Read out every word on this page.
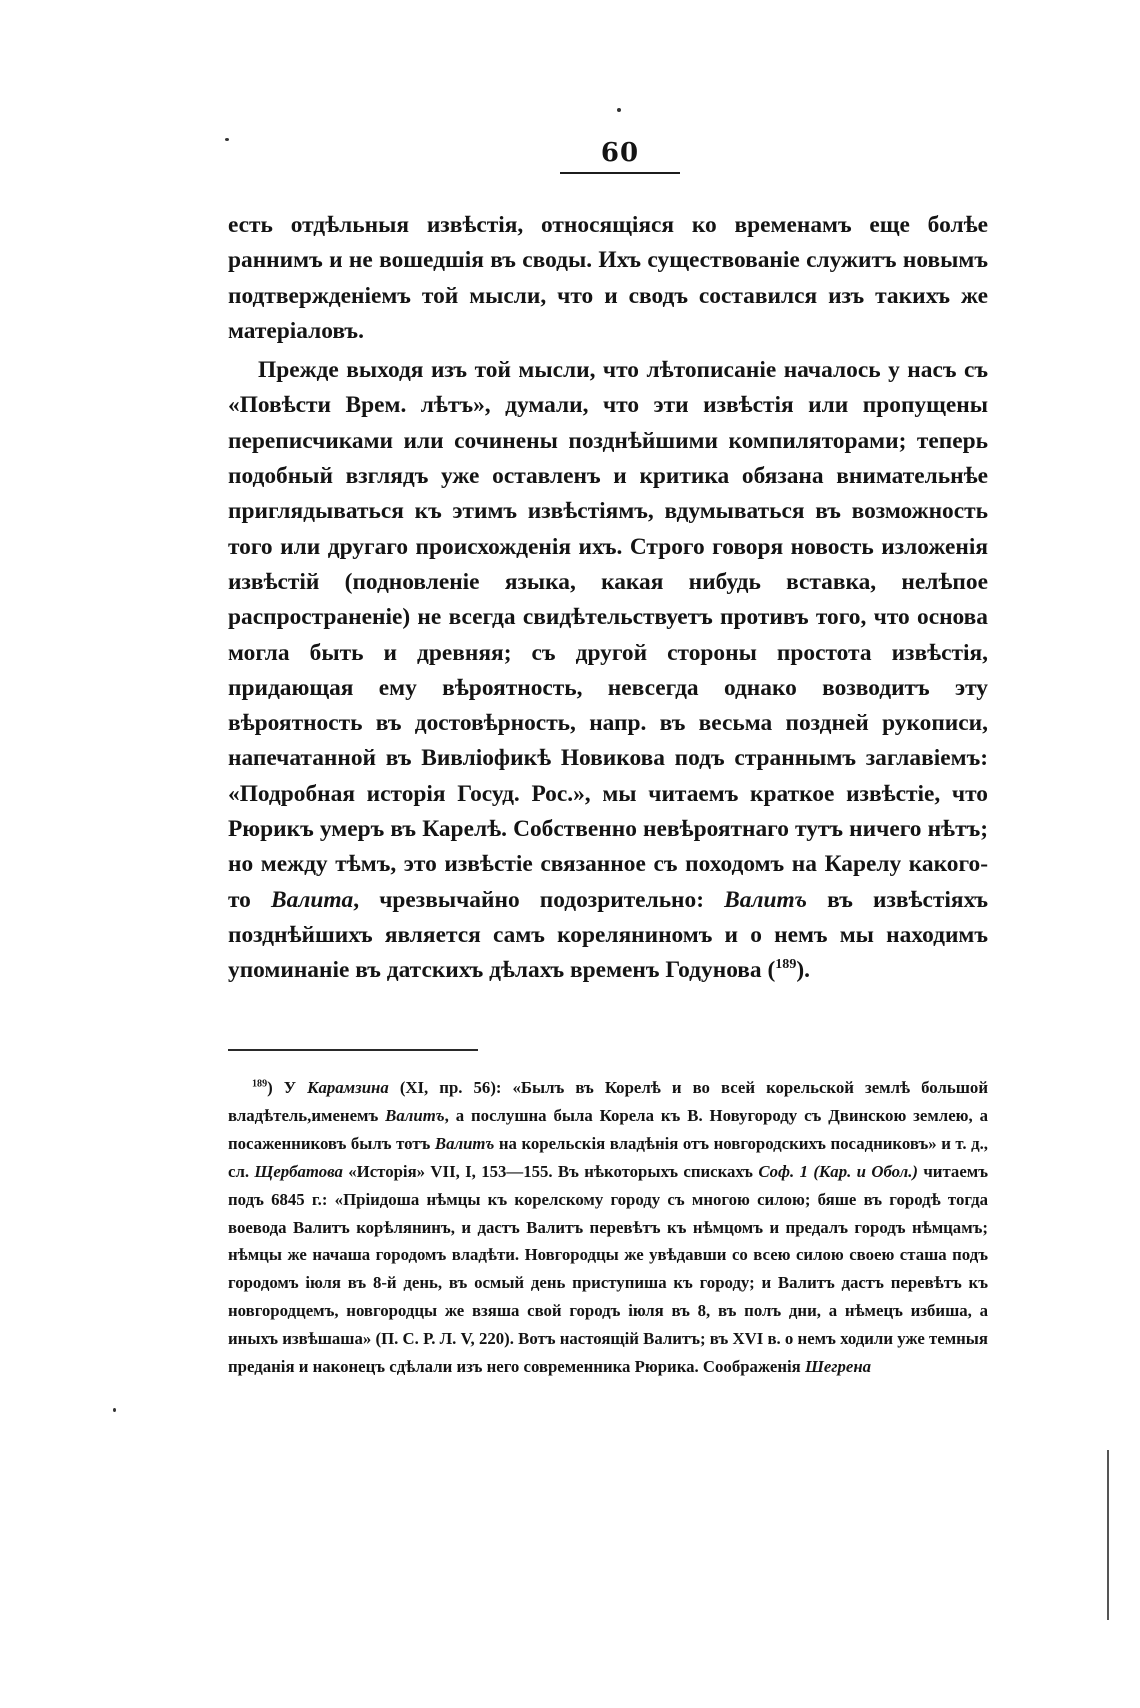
60

есть отдѣльныя извѣстія, относящіяся ко временамъ еще болѣе раннимъ и не вошедшія въ своды. Ихъ существованіе служитъ новымъ подтвержденіемъ той мысли, что и сводъ составился изъ такихъ же матеріаловъ.

Прежде выходя изъ той мысли, что лѣтописаніе началось у насъ съ «Повѣсти Врем. лѣтъ», думали, что эти извѣстія или пропущены переписчиками или сочинены позднѣйшими компиляторами; теперь подобный взглядъ уже оставленъ и критика обязана внимательнѣе приглядываться къ этимъ извѣстіямъ, вдумываться въ возможность того или другаго происхожденія ихъ. Строго говоря новость изложенія извѣстій (подновленіе языка, какая нибудь вставка, нелѣпое распространеніе) не всегда свидѣтельствуетъ противъ того, что основа могла быть и древняя; съ другой стороны простота извѣстія, придающая ему вѣроятность, невсегда однако возводитъ эту вѣроятность въ достовѣрность, напр. въ весьма поздней рукописи, напечатанной въ Вивліофикѣ Новикова подъ страннымъ заглавіемъ: «Подробная исторія Госуд. Рос.», мы читаемъ краткое извѣстіе, что Рюрикъ умеръ въ Карелѣ. Собственно невѣроятнаго тутъ ничего нѣтъ; но между тѣмъ, это извѣстіе связанное съ походомъ на Карелу какого-то Валита, чрезвычайно подозрительно: Валитъ въ извѣстіяхъ позднѣйшихъ является самъ кореляниномъ и о немъ мы находимъ упоминаніе въ датскихъ дѣлахъ временъ Годунова ($^{189}$).

$^{189}$) У Карамзина (XI, пр. 56): «Былъ въ Корелѣ и во всей корельской землѣ большой владѣтель,именемъ Валитъ, а послушна была Корела къ В. Новугороду съ Двинскою землею, а посаженниковъ былъ тотъ Валитъ на корельскія владѣнія отъ новгородскихъ посадниковъ» и т. д., сл. Щербатова «Исторія» VII, I, 153—155. Въ нѣкоторыхъ спискахъ Соф. 1 (Кар. и Обол.) читаемъ подъ 6845 г.: «Прiидоша нѣмцы къ корелскому городу съ многою силою; бяше въ городѣ тогда воевода Валитъ корѣлянинъ, и дастъ Валитъ перевѣтъ къ нѣмцомъ и предалъ городъ нѣмцамъ; нѣмцы же начаша городомъ владѣти. Новгородцы же увѣдавши со всею силою своею сташа подъ городомъ iюля въ 8-й день, въ осмый день приступиша къ городу; и Валитъ дастъ перевѣтъ къ новгородцемъ, новгородцы же взяша свой городъ iюля въ 8, въ полъ дни, а нѣмецъ избиша, а иныхъ извѣшаша» (П. С. Р. Л. V, 220). Вотъ настоящій Валитъ; въ XVI в. о немъ ходили уже темныя преданія и наконецъ сдѣлали изъ него современника Рюрика. Соображенія Шегрена
